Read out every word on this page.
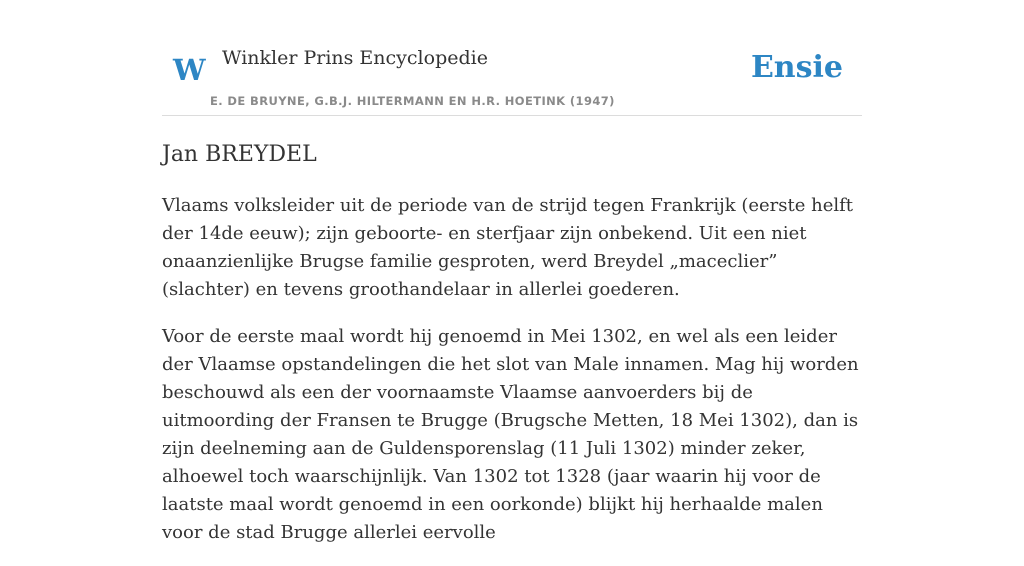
W Winkler Prins Encyclopedie
E. DE BRUYNE, G.B.J. HILTERMANN EN H.R. HOETINK (1947)
Ensie
Jan BREYDEL

Vlaams volksleider uit de periode van de strijd tegen Frankrijk (eerste helft der 14de eeuw); zijn geboorte- en sterfjaar zijn onbekend. Uit een niet onaanzienlijke Brugse familie gesproten, werd Breydel „maceclier” (slachter) en tevens groothandelaar in allerlei goederen.

Voor de eerste maal wordt hij genoemd in Mei 1302, en wel als een leider der Vlaamse opstandelingen die het slot van Male innamen. Mag hij worden beschouwd als een der voornaamste Vlaamse aanvoerders bij de uitmoording der Fransen te Brugge (Brugsche Metten, 18 Mei 1302), dan is zijn deelneming aan de Guldensporenslag (11 Juli 1302) minder zeker, alhoewel toch waarschijnlijk. Van 1302 tot 1328 (jaar waarin hij voor de laatste maal wordt genoemd in een oorkonde) blijkt hij herhaalde malen voor de stad Brugge allerlei eervolle
